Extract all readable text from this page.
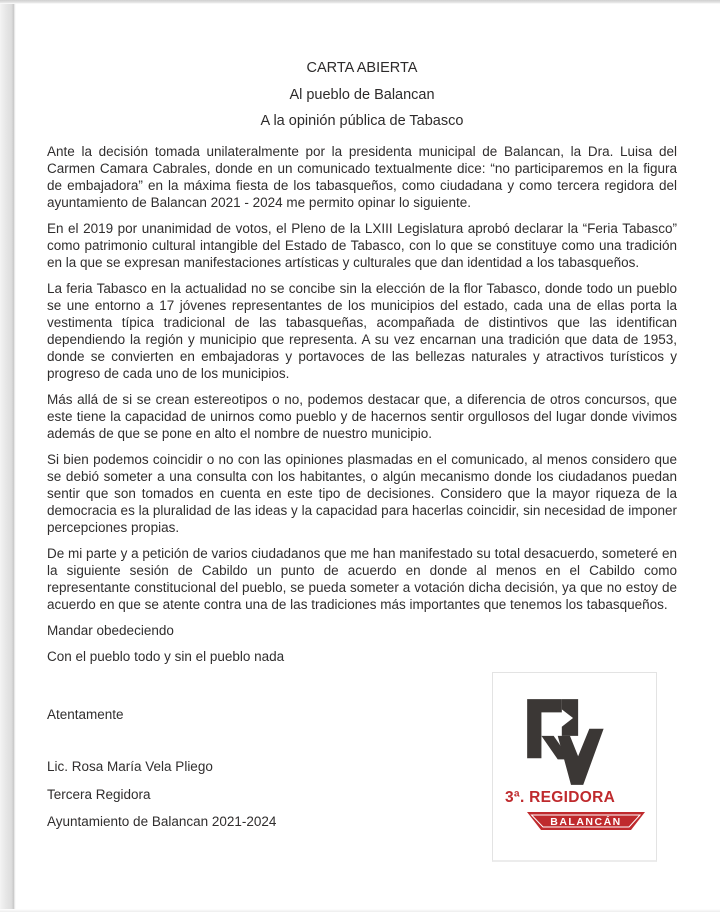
CARTA ABIERTA

Al pueblo de Balancan

A la opinión pública de Tabasco

Ante la decisión tomada unilateralmente por la presidenta municipal de Balancan, la Dra. Luisa del Carmen Camara Cabrales, donde en un comunicado textualmente dice: “no participaremos en la figura de embajadora” en la máxima fiesta de los tabasqueños, como ciudadana y como tercera regidora del ayuntamiento de Balancan 2021 - 2024 me permito opinar lo siguiente.

En el 2019 por unanimidad de votos, el Pleno de la LXIII Legislatura aprobó declarar la “Feria Tabasco” como patrimonio cultural intangible del Estado de Tabasco, con lo que se constituye como una tradición en la que se expresan manifestaciones artísticas y culturales que dan identidad a los tabasqueños.

La feria Tabasco en la actualidad no se concibe sin la elección de la flor Tabasco, donde todo un pueblo se une entorno a 17 jóvenes representantes de los municipios del estado, cada una de ellas porta la vestimenta típica tradicional de las tabasqueñas, acompañada de distintivos que las identifican dependiendo la región y municipio que representa. A su vez encarnan una tradición que data de 1953, donde se convierten en embajadoras y portavoces de las bellezas naturales y atractivos turísticos y progreso de cada uno de los municipios.

Más allá de si se crean estereotipos o no, podemos destacar que, a diferencia de otros concursos, que este tiene la capacidad de unirnos como pueblo y de hacernos sentir orgullosos del lugar donde vivimos además de que se pone en alto el nombre de nuestro municipio.

Si bien podemos coincidir o no con las opiniones plasmadas en el comunicado, al menos considero que se debió someter a una consulta con los habitantes, o algún mecanismo donde los ciudadanos puedan sentir que son tomados en cuenta en este tipo de decisiones. Considero que la mayor riqueza de la democracia es la pluralidad de las ideas y la capacidad para hacerlas coincidir, sin necesidad de imponer percepciones propias.

De mi parte y a petición de varios ciudadanos que me han manifestado su total desacuerdo, someteré en la siguiente sesión de Cabildo un punto de acuerdo en donde al menos en el Cabildo como representante constitucional del pueblo, se pueda someter a votación dicha decisión, ya que no estoy de acuerdo en que se atente contra una de las tradiciones más importantes que tenemos los tabasqueños.

Mandar obedeciendo

Con el pueblo todo y sin el pueblo nada

Atentamente
Lic. Rosa María Vela Pliego
Tercera Regidora
Ayuntamiento de Balancan 2021-2024
3ª. REGIDORA
BALANCÁN
